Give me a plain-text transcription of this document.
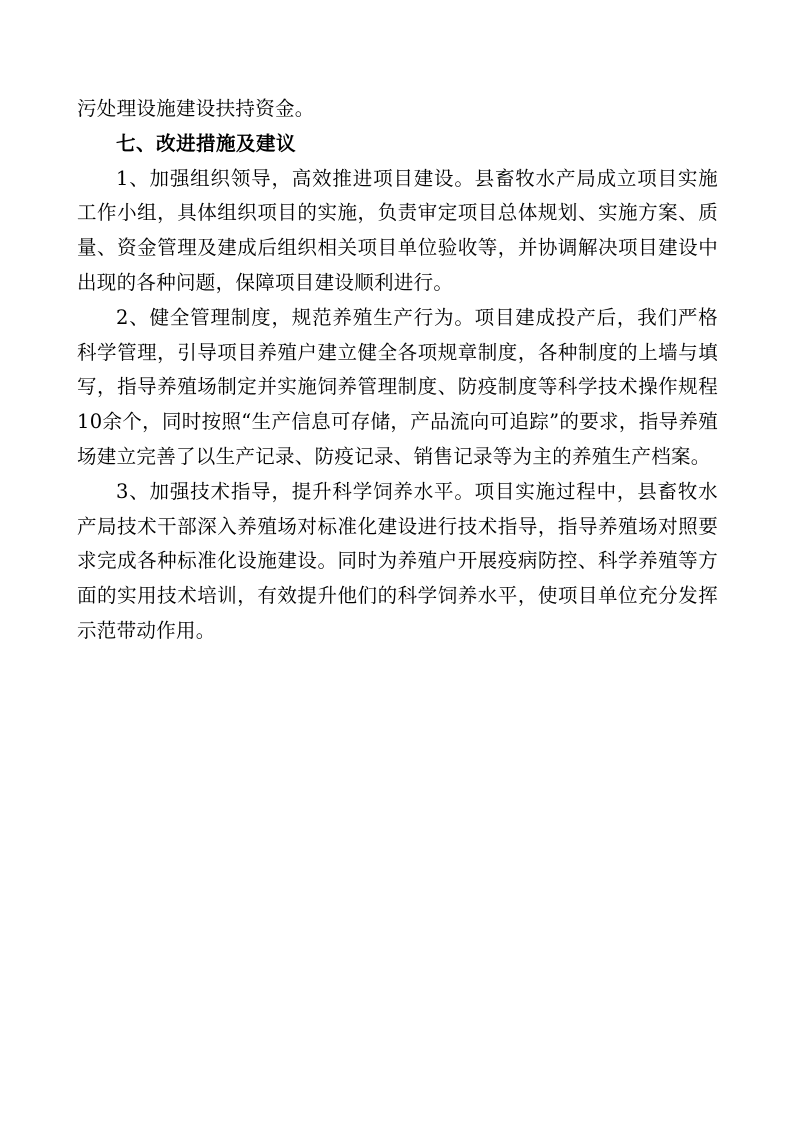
污处理设施建设扶持资金。

七、改进措施及建议

1、加强组织领导，高效推进项目建设。县畜牧水产局成立项目实施工作小组，具体组织项目的实施，负责审定项目总体规划、实施方案、质量、资金管理及建成后组织相关项目单位验收等，并协调解决项目建设中出现的各种问题，保障项目建设顺利进行。

2、健全管理制度，规范养殖生产行为。项目建成投产后，我们严格科学管理，引导项目养殖户建立健全各项规章制度，各种制度的上墙与填写，指导养殖场制定并实施饲养管理制度、防疫制度等科学技术操作规程10余个，同时按照“生产信息可存储，产品流向可追踪”的要求，指导养殖场建立完善了以生产记录、防疫记录、销售记录等为主的养殖生产档案。

3、加强技术指导，提升科学饲养水平。项目实施过程中，县畜牧水产局技术干部深入养殖场对标准化建设进行技术指导，指导养殖场对照要求完成各种标准化设施建设。同时为养殖户开展疫病防控、科学养殖等方面的实用技术培训，有效提升他们的科学饲养水平，使项目单位充分发挥示范带动作用。
